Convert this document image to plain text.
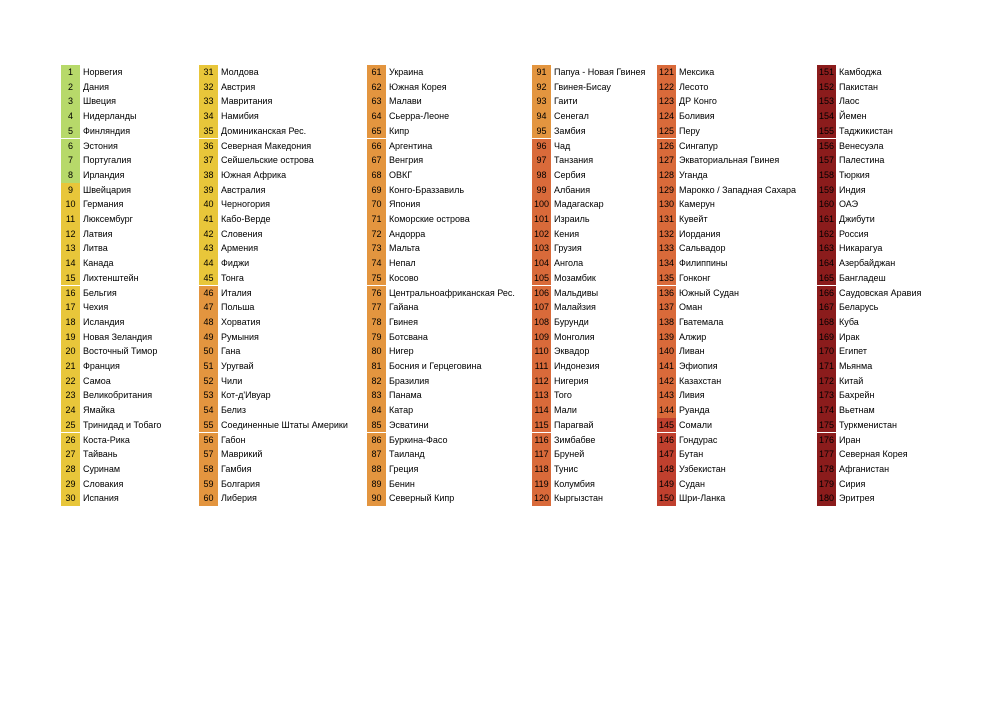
1	Норвегия
2	Дания
3	Швеция
4	Нидерланды
5	Финляндия
6	Эстония
7	Португалия
8	Ирландия
9	Швейцария
10 Германия
11 Люксембург
12 Латвия
13 Литва
14 Канада
15 Лихтенштейн
16 Бельгия
17 Чехия
18 Исландия
19 Новая Зеландия
20 Восточный Тимор
21 Франция
22 Самоа
23 Великобритания
24 Ямайка
25 Тринидад и Тобаго
26 Коста-Рика
27 Тайвань
28 Суринам
29 Словакия
30 Испания
31 Молдова
32 Австрия
33 Мавритания
34 Намибия
35 Доминиканская Рес.
36 Северная Македония
37 Сейшельские острова
38 Южная Африка
39 Австралия
40 Черногория
41 Кабо-Верде
42 Словения
43 Армения
44 Фиджи
45 Тонга
46 Италия
47 Польша
48 Хорватия
49 Румыния
50 Гана
51 Уругвай
52 Чили
53 Кот-д'Ивуар
54 Белиз
55 Соединенные Штаты Америки
56 Габон
57 Маврикий
58 Гамбия
59 Болгария
60 Либерия
61 Украина
62 Южная Корея
63 Малави
64 Сьерра-Леоне
65 Кипр
66 Аргентина
67 Венгрия
68 ОВКГ
69 Конго-Браззавиль
70 Япония
71 Коморские острова
72 Андорра
73 Мальта
74 Непал
75 Косово
76 Центральноафриканская Рес.
77 Гайана
78 Гвинея
79 Ботсвана
80 Нигер
81 Босния и Герцеговина
82 Бразилия
83 Панама
84 Катар
85 Эсватини
86 Буркина-Фасо
87 Таиланд
88 Греция
89 Бенин
90 Северный Кипр
91 Папуа - Новая Гвинея
92 Гвинея-Бисау
93 Гаити
94 Сенегал
95 Замбия
96 Чад
97 Танзания
98 Сербия
99 Албания
100 Мадагаскар
101 Израиль
102 Кения
103 Грузия
104 Ангола
105 Мозамбик
106 Мальдивы
107 Малайзия
108 Бурунди
109 Монголия
110 Эквадор
111 Индонезия
112 Нигерия
113 Того
114 Мали
115 Парагвай
116 Зимбабве
117 Бруней
118 Тунис
119 Колумбия
120 Кыргызстан
121 Мексика
122 Лесото
123 ДР Конго
124 Боливия
125 Перу
126 Сингапур
127 Экваториальная Гвинея
128 Уганда
129 Марокко / Западная Сахара
130 Камерун
131 Кувейт
132 Иордания
133 Сальвадор
134 Филиппины
135 Гонконг
136 Южный Судан
137 Оман
138 Гватемала
139 Алжир
140 Ливан
141 Эфиопия
142 Казахстан
143 Ливия
144 Руанда
145 Сомали
146 Гондурас
147 Бутан
148 Узбекистан
149 Судан
150 Шри-Ланка
151 Камбоджа
152 Пакистан
153 Лаос
154 Йемен
155 Таджикистан
156 Венесуэла
157 Палестина
158 Тюркия
159 Индия
160 ОАЭ
161 Джибути
162 Россия
163 Никарагуа
164 Азербайджан
165 Бангладеш
166 Саудовская Аравия
167 Беларусь
168 Куба
169 Ирак
170 Египет
171 Мьянма
172 Китай
173 Бахрейн
174 Вьетнам
175 Туркменистан
176 Иран
177 Северная Корея
178 Афганистан
179 Сирия
180 Эритрея
